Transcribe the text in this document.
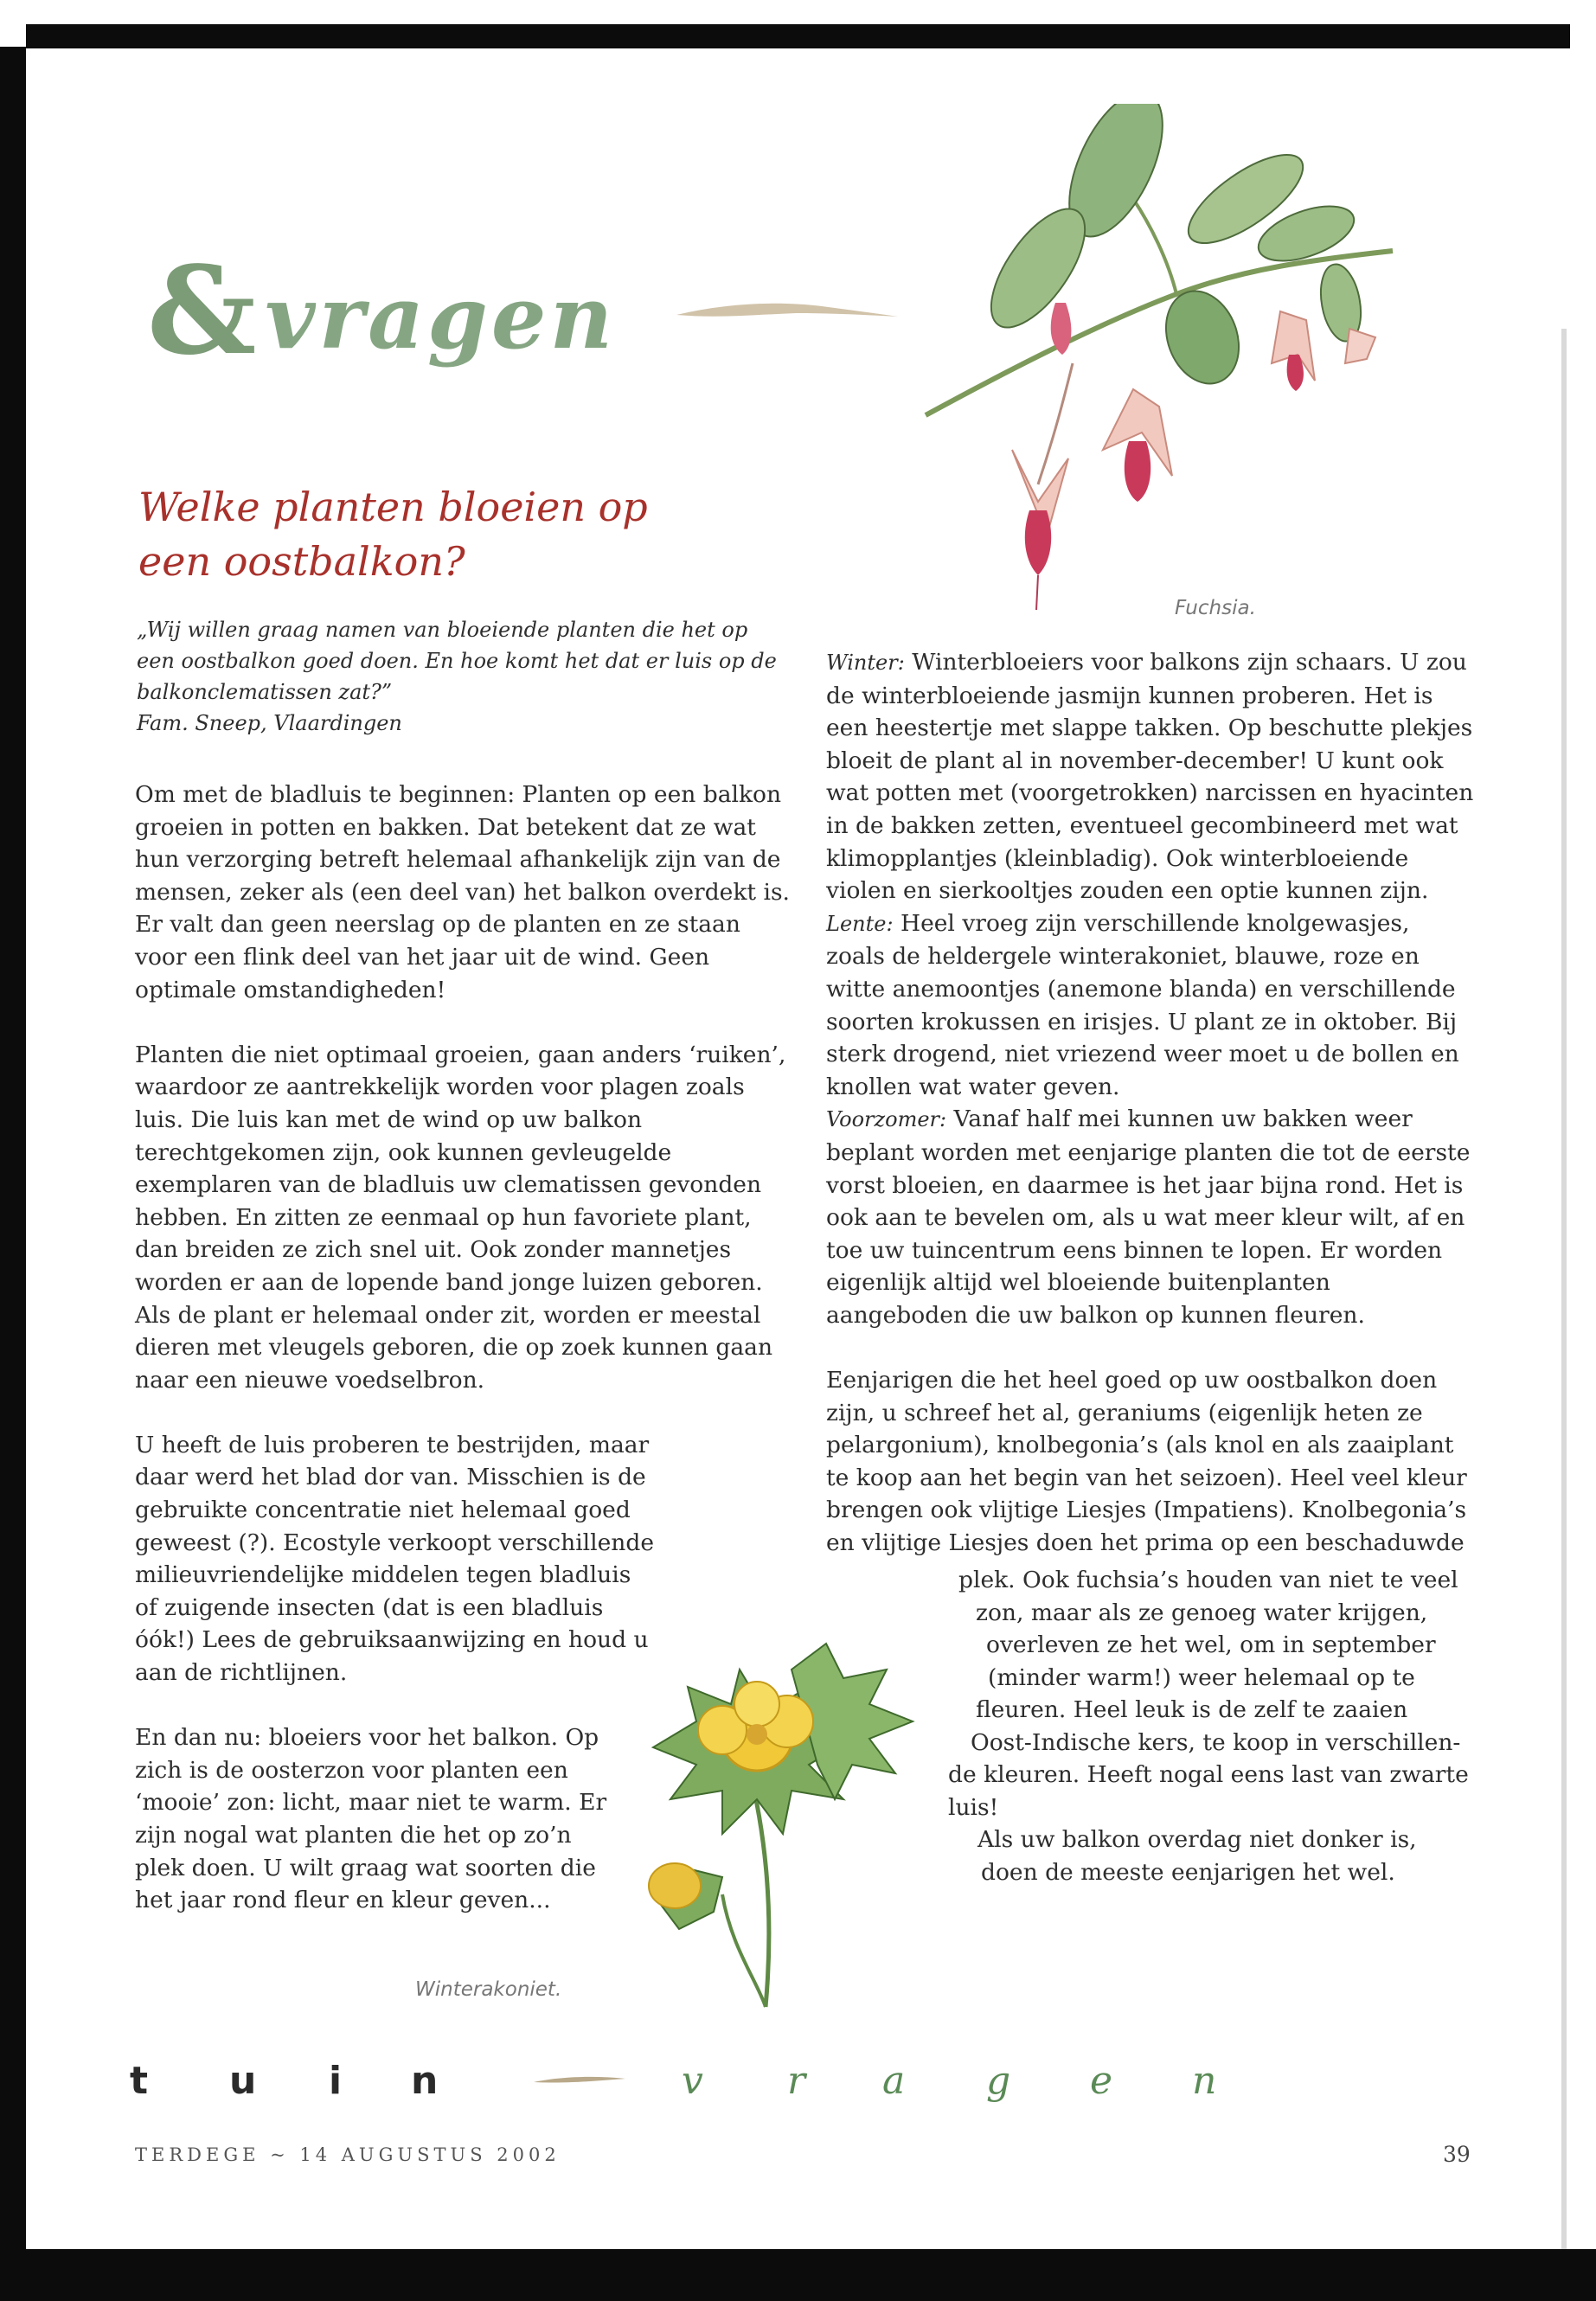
& vragen
Fuchsia.
Welke planten bloeien op een oostbalkon?
„Wij willen graag namen van bloeiende planten die het op een oostbalkon goed doen. En hoe komt het dat er luis op de balkonclematissen zat?”
Fam. Sneep, Vlaardingen

Om met de bladluis te beginnen: Planten op een balkon groeien in potten en bakken. Dat betekent dat ze wat hun verzorging betreft helemaal afhankelijk zijn van de mensen, zeker als (een deel van) het balkon overdekt is. Er valt dan geen neerslag op de planten en ze staan voor een flink deel van het jaar uit de wind. Geen optimale omstandigheden!

Planten die niet optimaal groeien, gaan anders ‘ruiken’, waardoor ze aantrekkelijk worden voor plagen zoals luis. Die luis kan met de wind op uw balkon terechtgekomen zijn, ook kunnen gevleugelde exemplaren van de bladluis uw clematissen gevonden hebben. En zitten ze eenmaal op hun favoriete plant, dan breiden ze zich snel uit. Ook zonder mannetjes worden er aan de lopende band jonge luizen geboren. Als de plant er helemaal onder zit, worden er meestal dieren met vleugels geboren, die op zoek kunnen gaan naar een nieuwe voedselbron.

U heeft de luis proberen te bestrijden, maar daar werd het blad dor van. Misschien is de gebruikte concentratie niet helemaal goed geweest (?). Ecostyle verkoopt verschillende milieuvriendelijke middelen tegen bladluis of zuigende insecten (dat is een bladluis óók!) Lees de gebruiksaanwijzing en houd u aan de richtlijnen.

En dan nu: bloeiers voor het balkon. Op zich is de oosterzon voor planten een ‘mooie’ zon: licht, maar niet te warm. Er zijn nogal wat planten die het op zo’n plek doen. U wilt graag wat soorten die het jaar rond fleur en kleur geven...

Winterakoniet.

Winter: Winterbloeiers voor balkons zijn schaars. U zou de winterbloeiende jasmijn kunnen proberen. Het is een heestertje met slappe takken. Op beschutte plekjes bloeit de plant al in november-december! U kunt ook wat potten met (voorgetrokken) narcissen en hyacinten in de bakken zetten, eventueel gecombineerd met wat klimopplantjes (kleinbladig). Ook winterbloeiende violen en sierkooltjes zouden een optie kunnen zijn.
Lente: Heel vroeg zijn verschillende knolgewasjes, zoals de heldergele winterakoniet, blauwe, roze en witte anemoontjes (anemone blanda) en verschillende soorten krokussen en irisjes. U plant ze in oktober. Bij sterk drogend, niet vriezend weer moet u de bollen en knollen wat water geven.
Voorzomer: Vanaf half mei kunnen uw bakken weer beplant worden met eenjarige planten die tot de eerste vorst bloeien, en daarmee is het jaar bijna rond. Het is ook aan te bevelen om, als u wat meer kleur wilt, af en toe uw tuincentrum eens binnen te lopen. Er worden eigenlijk altijd wel bloeiende buitenplanten aangeboden die uw balkon op kunnen fleuren.

Eenjarigen die het heel goed op uw oostbalkon doen zijn, u schreef het al, geraniums (eigenlijk heten ze pelargonium), knolbegonia’s (als knol en als zaaiplant te koop aan het begin van het seizoen). Heel veel kleur brengen ook vlijtige Liesjes (Impatiens). Knolbegonia’s en vlijtige Liesjes doen het prima op een beschaduwde

plek. Ook fuchsia’s houden van niet te veel
zon, maar als ze genoeg water krijgen,
overleven ze het wel, om in september
(minder warm!) weer helemaal op te
fleuren. Heel leuk is de zelf te zaaien
Oost-Indische kers, te koop in verschillen-
de kleuren. Heeft nogal eens last van zwarte
luis!
Als uw balkon overdag niet donker is,
doen de meeste eenjarigen het wel.
t u i n	v r a g e n
TERDEGE ~ 14 AUGUSTUS 2002	39
